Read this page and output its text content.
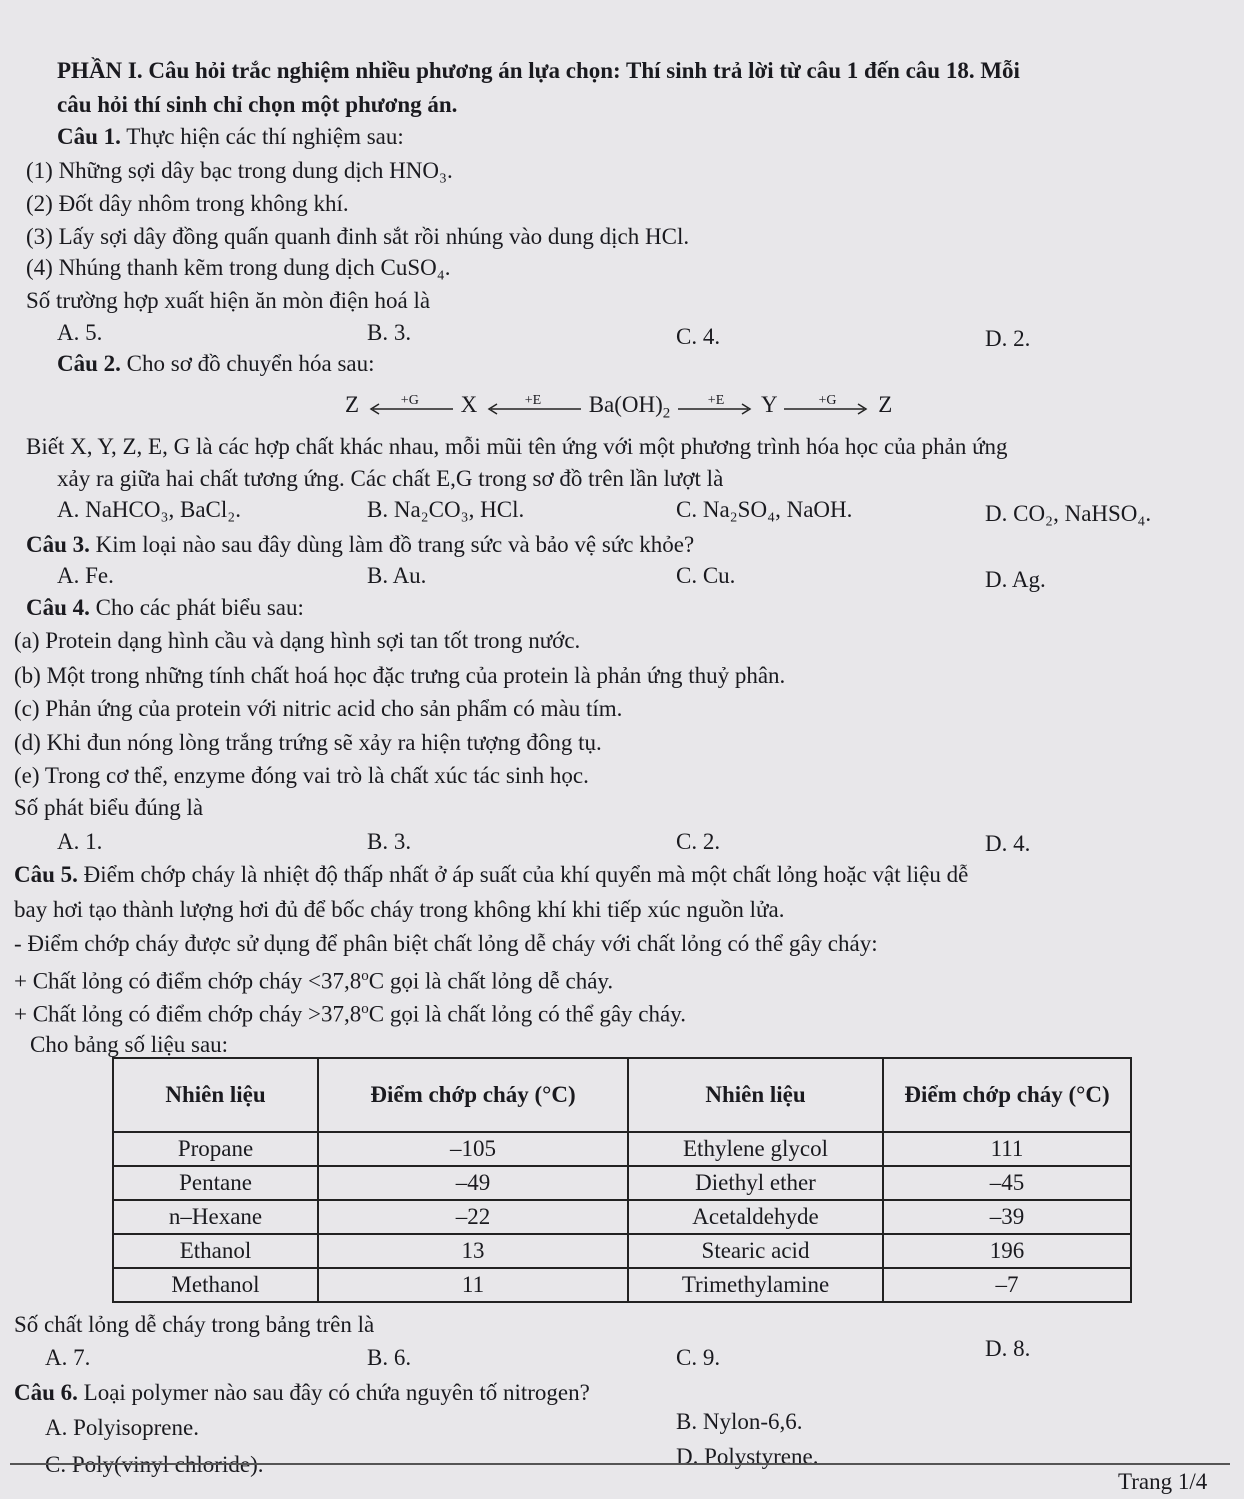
PHẦN I. Câu hỏi trắc nghiệm nhiều phương án lựa chọn: Thí sinh trả lời từ câu 1 đến câu 18. Mỗi
câu hỏi thí sinh chỉ chọn một phương án.
Câu 1. Thực hiện các thí nghiệm sau:
(1) Những sợi dây bạc trong dung dịch HNO₃.
(2) Đốt dây nhôm trong không khí.
(3) Lấy sợi dây đồng quấn quanh đinh sắt rồi nhúng vào dung dịch HCl.
(4) Nhúng thanh kẽm trong dung dịch CuSO₄.
Số trường hợp xuất hiện ăn mòn điện hoá là
A. 5.	B. 3.	C. 4.	D. 2.
Câu 2. Cho sơ đồ chuyển hóa sau:
Z	+G	X	+E	$Ba(OH)_2$
+E	Y	+G	Z
Biết X, Y, Z, E, G là các hợp chất khác nhau, mỗi mũi tên ứng với một phương trình hóa học của phản ứng
xảy ra giữa hai chất tương ứng. Các chất E,G trong sơ đồ trên lần lượt là
A. NaHCO₃, BaCl₂.	B. Na₂CO₃, HCl.	C. Na₂SO₄, NaOH.	D. CO₂, NaHSO₄.
Câu 3. Kim loại nào sau đây dùng làm đồ trang sức và bảo vệ sức khỏe?
A. Fe.	B. Au.	C. Cu.	D. Ag.
Câu 4. Cho các phát biểu sau:
(a) Protein dạng hình cầu và dạng hình sợi tan tốt trong nước.
(b) Một trong những tính chất hoá học đặc trưng của protein là phản ứng thuỷ phân.
(c) Phản ứng của protein với nitric acid cho sản phẩm có màu tím.
(d) Khi đun nóng lòng trắng trứng sẽ xảy ra hiện tượng đông tụ.
(e) Trong cơ thể, enzyme đóng vai trò là chất xúc tác sinh học.
Số phát biểu đúng là
A. 1.	B. 3.	C. 2.	D. 4.
Câu 5. Điểm chớp cháy là nhiệt độ thấp nhất ở áp suất của khí quyển mà một chất lỏng hoặc vật liệu dễ
bay hơi tạo thành lượng hơi đủ để bốc cháy trong không khí khi tiếp xúc nguồn lửa.
- Điểm chớp cháy được sử dụng để phân biệt chất lỏng dễ cháy với chất lỏng có thể gây cháy:
+ Chất lỏng có điểm chớp cháy $<37,8^oC$ gọi là chất lỏng dễ cháy.
+ Chất lỏng có điểm chớp cháy $>37,8^oC$ gọi là chất lỏng có thể gây cháy.
Cho bảng số liệu sau:
Nhiên liệu	Điểm chớp cháy (°C)	Nhiên liệu	Điểm chớp cháy (°C)
Propane	–105	Ethylene glycol	111
Pentane	–49	Diethyl ether	–45
n–Hexane	–22	Acetaldehyde	–39
Ethanol	13	Stearic acid	196
Methanol	11	Trimethylamine	–7
Số chất lỏng dễ cháy trong bảng trên là
A. 7.	B. 6.	C. 9.	D. 8.
Câu 6. Loại polymer nào sau đây có chứa nguyên tố nitrogen?
A. Polyisoprene.	B. Nylon-6,6.
C. Poly(vinyl chloride).	D. Polystyrene.
Trang 1/4
